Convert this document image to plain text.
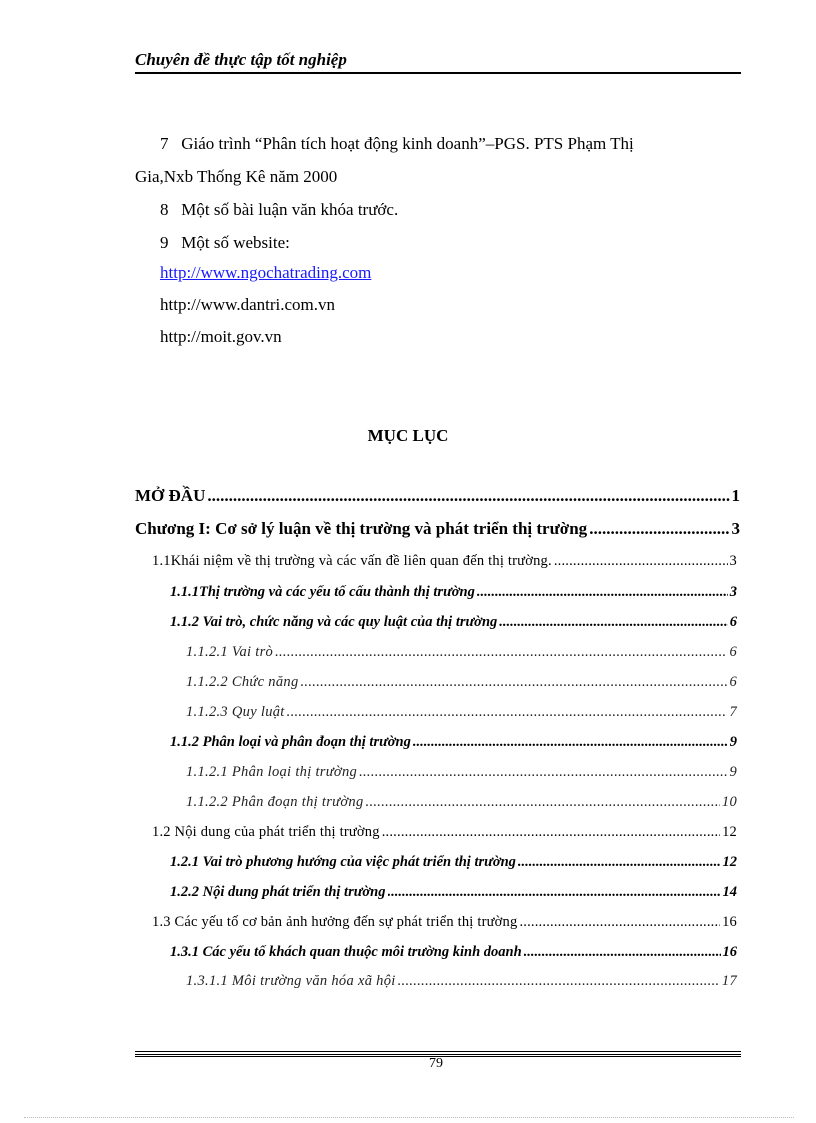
Chuyên đề thực tập tốt nghiệp
7 Giáo trình “Phân tích hoạt động kinh doanh”–PGS. PTS Phạm Thị
Gia,Nxb Thống Kê năm 2000
8 Một số bài luận văn khóa trước.
9 Một số website:
http://www.ngochatrading.com
http://www.dantri.com.vn
http://moit.gov.vn
MỤC LỤC
MỞ ĐẦU .....	1
Chương I: Cơ sở lý luận về thị trường và phát triển thị trường .....	3
1.1Khái niệm về thị trường và các vấn đề liên quan đến thị trường. .....	3
1.1.1Thị trường và các yếu tố cấu thành thị trường .....	3
1.1.2 Vai trò, chức năng và các quy luật của thị trường .....	6
1.1.2.1 Vai trò .....	6
1.1.2.2 Chức năng .....	6
1.1.2.3 Quy luật .....	7
1.1.2 Phân loại và phân đoạn thị trường .....	9
1.1.2.1 Phân loại thị trường .....	9
1.1.2.2 Phân đoạn thị trường .....	10
1.2 Nội dung của phát triển thị trường .....	12
1.2.1 Vai trò phương hướng của việc phát triển thị trường .....	12
1.2.2 Nội dung phát triển thị trường .....	14
1.3 Các yếu tố cơ bản ảnh hưởng đến sự phát triển thị trường .....	16
1.3.1 Các yếu tố khách quan thuộc môi trường kinh doanh .....	16
1.3.1.1 Môi trường văn hóa xã hội .....	17
79
